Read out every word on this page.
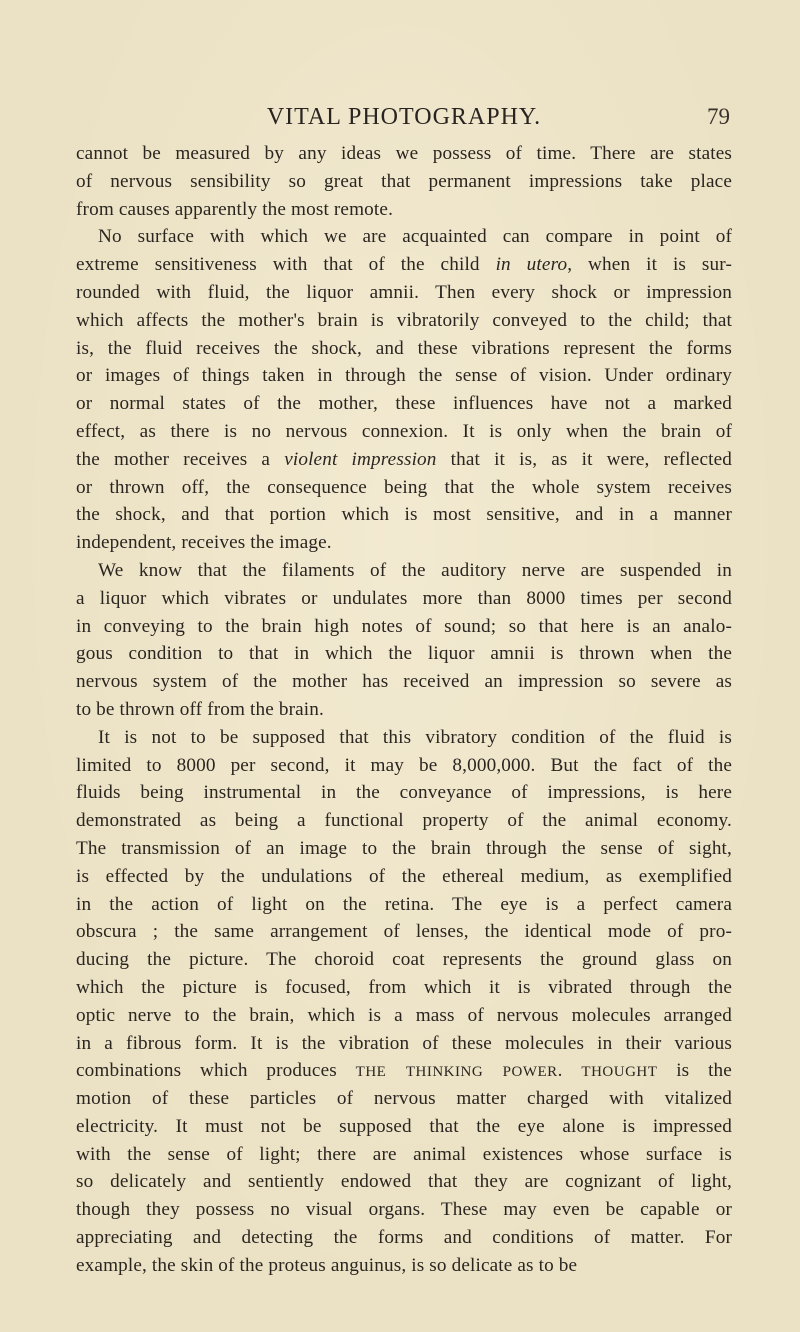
VITAL PHOTOGRAPHY.	79
cannot be measured by any ideas we possess of time. There are states
of nervous sensibility so great that permanent impressions take place
from causes apparently the most remote.
No surface with which we are acquainted can compare in point of
extreme sensitiveness with that of the child in utero, when it is sur-
rounded with fluid, the liquor amnii. Then every shock or impression
which affects the mother's brain is vibratorily conveyed to the child; that
is, the fluid receives the shock, and these vibrations represent the forms
or images of things taken in through the sense of vision. Under ordinary
or normal states of the mother, these influences have not a marked
effect, as there is no nervous connexion. It is only when the brain of
the mother receives a violent impression that it is, as it were, reflected
or thrown off, the consequence being that the whole system receives
the shock, and that portion which is most sensitive, and in a manner
independent, receives the image.
We know that the filaments of the auditory nerve are suspended in
a liquor which vibrates or undulates more than 8000 times per second
in conveying to the brain high notes of sound; so that here is an analo-
gous condition to that in which the liquor amnii is thrown when the
nervous system of the mother has received an impression so severe as
to be thrown off from the brain.
It is not to be supposed that this vibratory condition of the fluid is
limited to 8000 per second, it may be 8,000,000. But the fact of the
fluids being instrumental in the conveyance of impressions, is here
demonstrated as being a functional property of the animal economy.
The transmission of an image to the brain through the sense of sight,
is effected by the undulations of the ethereal medium, as exemplified
in the action of light on the retina. The eye is a perfect camera
obscura ; the same arrangement of lenses, the identical mode of pro-
ducing the picture. The choroid coat represents the ground glass on
which the picture is focused, from which it is vibrated through the
optic nerve to the brain, which is a mass of nervous molecules arranged
in a fibrous form. It is the vibration of these molecules in their various
combinations which produces the thinking power. thought is the
motion of these particles of nervous matter charged with vitalized
electricity. It must not be supposed that the eye alone is impressed
with the sense of light; there are animal existences whose surface is
so delicately and sentiently endowed that they are cognizant of light,
though they possess no visual organs. These may even be capable or
appreciating and detecting the forms and conditions of matter. For
example, the skin of the proteus anguinus, is so delicate as to be
